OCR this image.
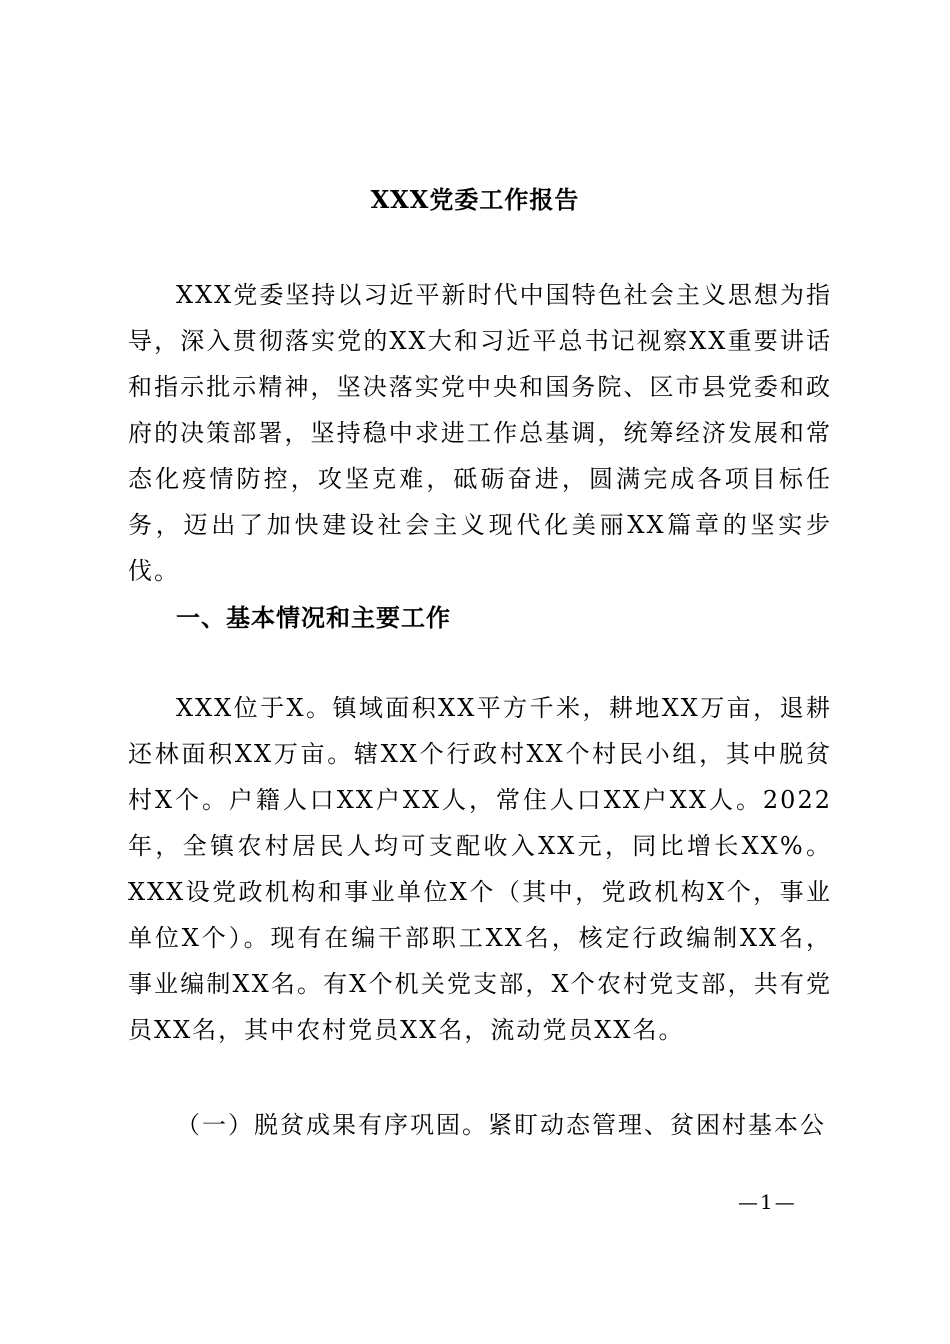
XXX党委工作报告

XXX党委坚持以习近平新时代中国特色社会主义思想为指导，深入贯彻落实党的XX大和习近平总书记视察XX重要讲话和指示批示精神，坚决落实党中央和国务院、区市县党委和政府的决策部署，坚持稳中求进工作总基调，统筹经济发展和常态化疫情防控，攻坚克难，砥砺奋进，圆满完成各项目标任务，迈出了加快建设社会主义现代化美丽XX篇章的坚实步伐。

一、基本情况和主要工作

XXX位于X。镇域面积XX平方千米，耕地XX万亩，退耕还林面积XX万亩。辖XX个行政村XX个村民小组，其中脱贫村X个。户籍人口XX户XX人，常住人口XX户XX人。2022年，全镇农村居民人均可支配收入XX元，同比增长XX%。XXX设党政机构和事业单位X个（其中，党政机构X个，事业单位X个）。现有在编干部职工XX名，核定行政编制XX名，事业编制XX名。有X个机关党支部，X个农村党支部，共有党员XX名，其中农村党员XX名，流动党员XX名。

（一）脱贫成果有序巩固。紧盯动态管理、贫困村基本公

—1—
